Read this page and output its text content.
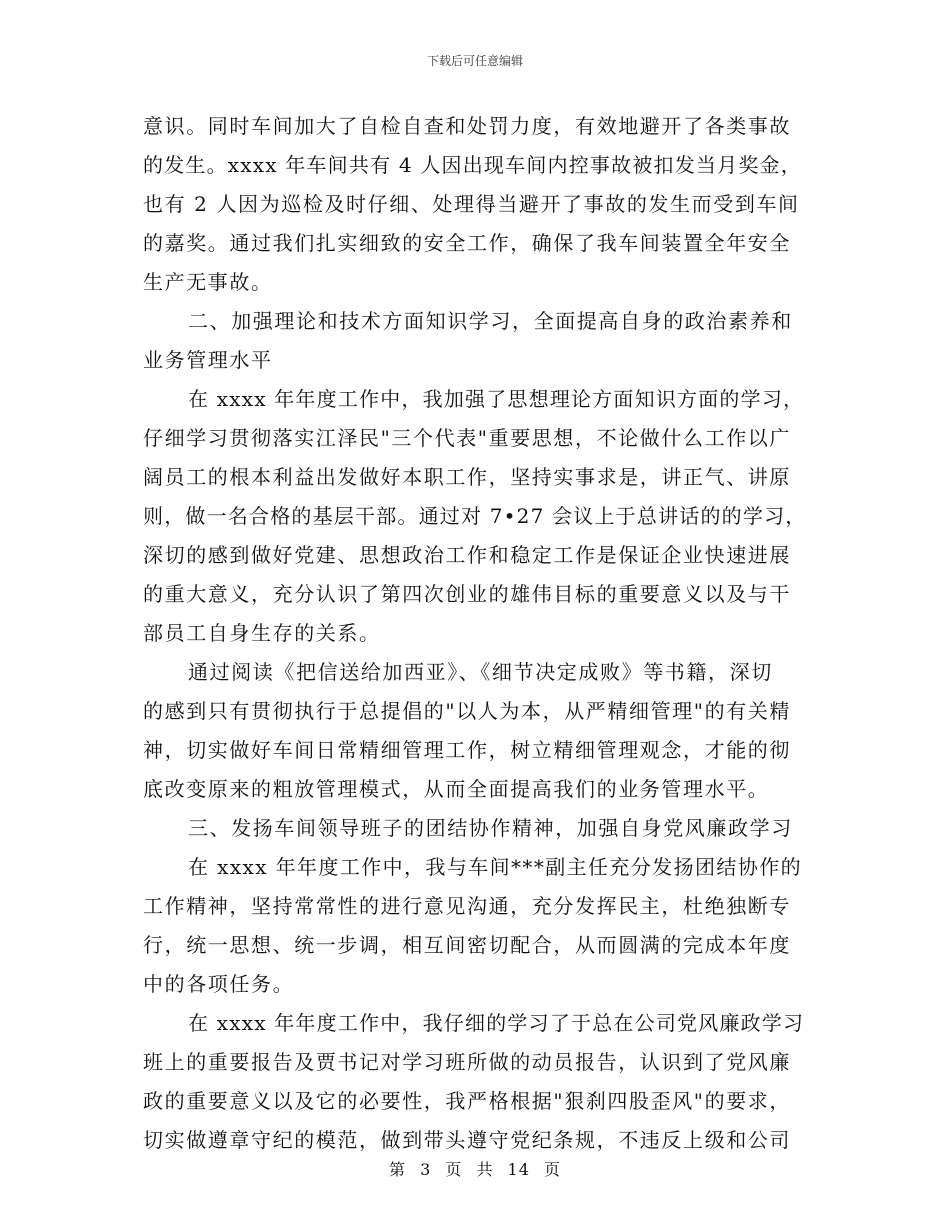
下载后可任意编辑
意识。同时车间加大了自检自查和处罚力度，有效地避开了各类事故
的发生。xxxx 年车间共有 4 人因出现车间内控事故被扣发当月奖金，
也有 2 人因为巡检及时仔细、处理得当避开了事故的发生而受到车间
的嘉奖。通过我们扎实细致的安全工作，确保了我车间装置全年安全
生产无事故。
二、加强理论和技术方面知识学习，全面提高自身的政治素养和
业务管理水平
在 xxxx 年年度工作中，我加强了思想理论方面知识方面的学习，
仔细学习贯彻落实江泽民"三个代表"重要思想，不论做什么工作以广
阔员工的根本利益出发做好本职工作，坚持实事求是，讲正气、讲原
则，做一名合格的基层干部。通过对 7•27 会议上于总讲话的的学习，
深切的感到做好党建、思想政治工作和稳定工作是保证企业快速进展
的重大意义，充分认识了第四次创业的雄伟目标的重要意义以及与干
部员工自身生存的关系。
通过阅读《把信送给加西亚》、《细节决定成败》等书籍，深切
的感到只有贯彻执行于总提倡的"以人为本，从严精细管理"的有关精
神，切实做好车间日常精细管理工作，树立精细管理观念，才能的彻
底改变原来的粗放管理模式，从而全面提高我们的业务管理水平。
三、发扬车间领导班子的团结协作精神，加强自身党风廉政学习
在 xxxx 年年度工作中，我与车间***副主任充分发扬团结协作的
工作精神，坚持常常性的进行意见沟通，充分发挥民主，杜绝独断专
行，统一思想、统一步调，相互间密切配合，从而圆满的完成本年度
中的各项任务。
在 xxxx 年年度工作中，我仔细的学习了于总在公司党风廉政学习
班上的重要报告及贾书记对学习班所做的动员报告，认识到了党风廉
政的重要意义以及它的必要性，我严格根据"狠刹四股歪风"的要求，
切实做遵章守纪的模范，做到带头遵守党纪条规，不违反上级和公司
第 3 页 共 14 页
